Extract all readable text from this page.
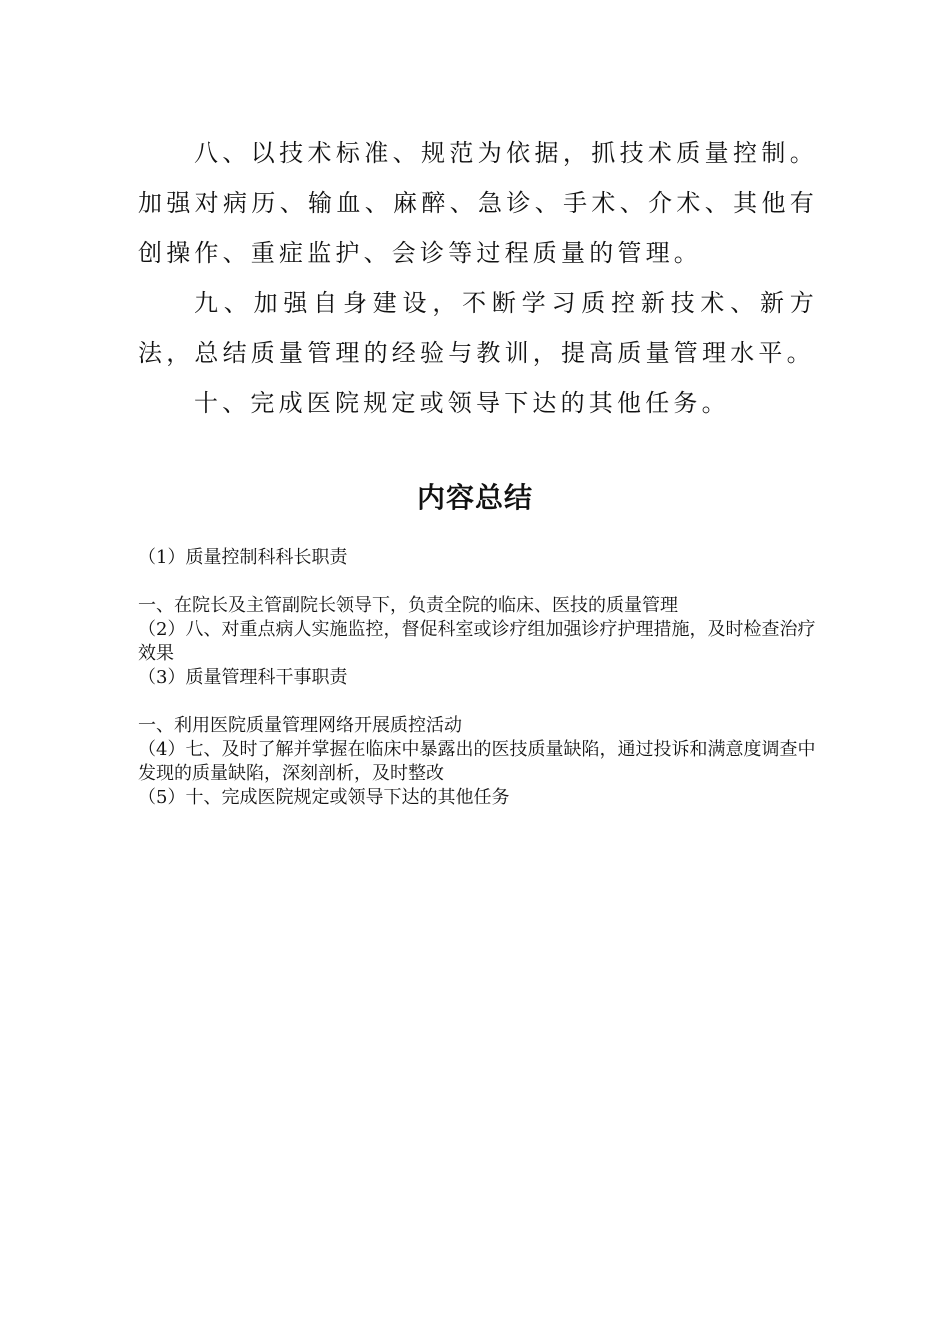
八、以技术标准、规范为依据，抓技术质量控制。加强对病历、输血、麻醉、急诊、手术、介术、其他有创操作、重症监护、会诊等过程质量的管理。

九、加强自身建设，不断学习质控新技术、新方法，总结质量管理的经验与教训，提高质量管理水平。

十、完成医院规定或领导下达的其他任务。

内容总结

（1）质量控制科科长职责

一、在院长及主管副院长领导下，负责全院的临床、医技的质量管理

（2）八、对重点病人实施监控，督促科室或诊疗组加强诊疗护理措施，及时检查治疗效果

（3）质量管理科干事职责

一、利用医院质量管理网络开展质控活动

（4）七、及时了解并掌握在临床中暴露出的医技质量缺陷，通过投诉和满意度调查中发现的质量缺陷，深刻剖析，及时整改

（5）十、完成医院规定或领导下达的其他任务
